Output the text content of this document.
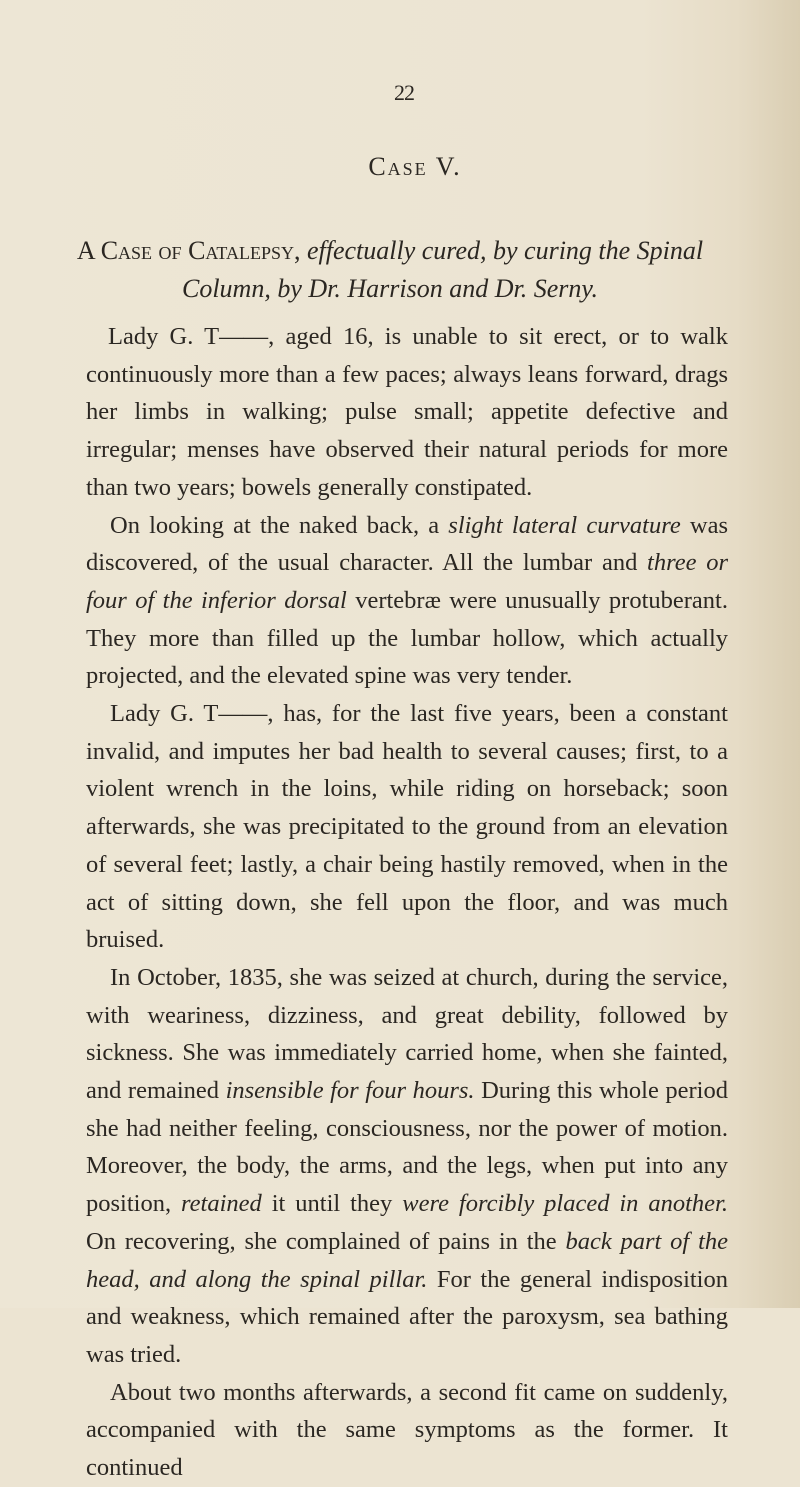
22
Case V.
A Case of Catalepsy, effectually cured, by curing the Spinal
Column, by Dr. Harrison and Dr. Serny.

Lady G. T——, aged 16, is unable to sit erect, or to walk continuously more than a few paces; always leans forward, drags her limbs in walking; pulse small; appetite defective and irregular; menses have observed their natural periods for more than two years; bowels generally constipated.

On looking at the naked back, a slight lateral curvature was discovered, of the usual character. All the lumbar and three or four of the inferior dorsal vertebræ were unusually protuberant. They more than filled up the lumbar hollow, which actually projected, and the elevated spine was very tender.

Lady G. T——, has, for the last five years, been a constant invalid, and imputes her bad health to several causes; first, to a violent wrench in the loins, while riding on horseback; soon afterwards, she was precipitated to the ground from an elevation of several feet; lastly, a chair being hastily removed, when in the act of sitting down, she fell upon the floor, and was much bruised.

In October, 1835, she was seized at church, during the service, with weariness, dizziness, and great debility, followed by sickness. She was immediately carried home, when she fainted, and remained insensible for four hours. During this whole period she had neither feeling, consciousness, nor the power of motion. Moreover, the body, the arms, and the legs, when put into any position, retained it until they were forcibly placed in another. On recovering, she complained of pains in the back part of the head, and along the spinal pillar. For the general indisposition and weakness, which remained after the paroxysm, sea bathing was tried.

About two months afterwards, a second fit came on suddenly, accompanied with the same symptoms as the former. It continued
